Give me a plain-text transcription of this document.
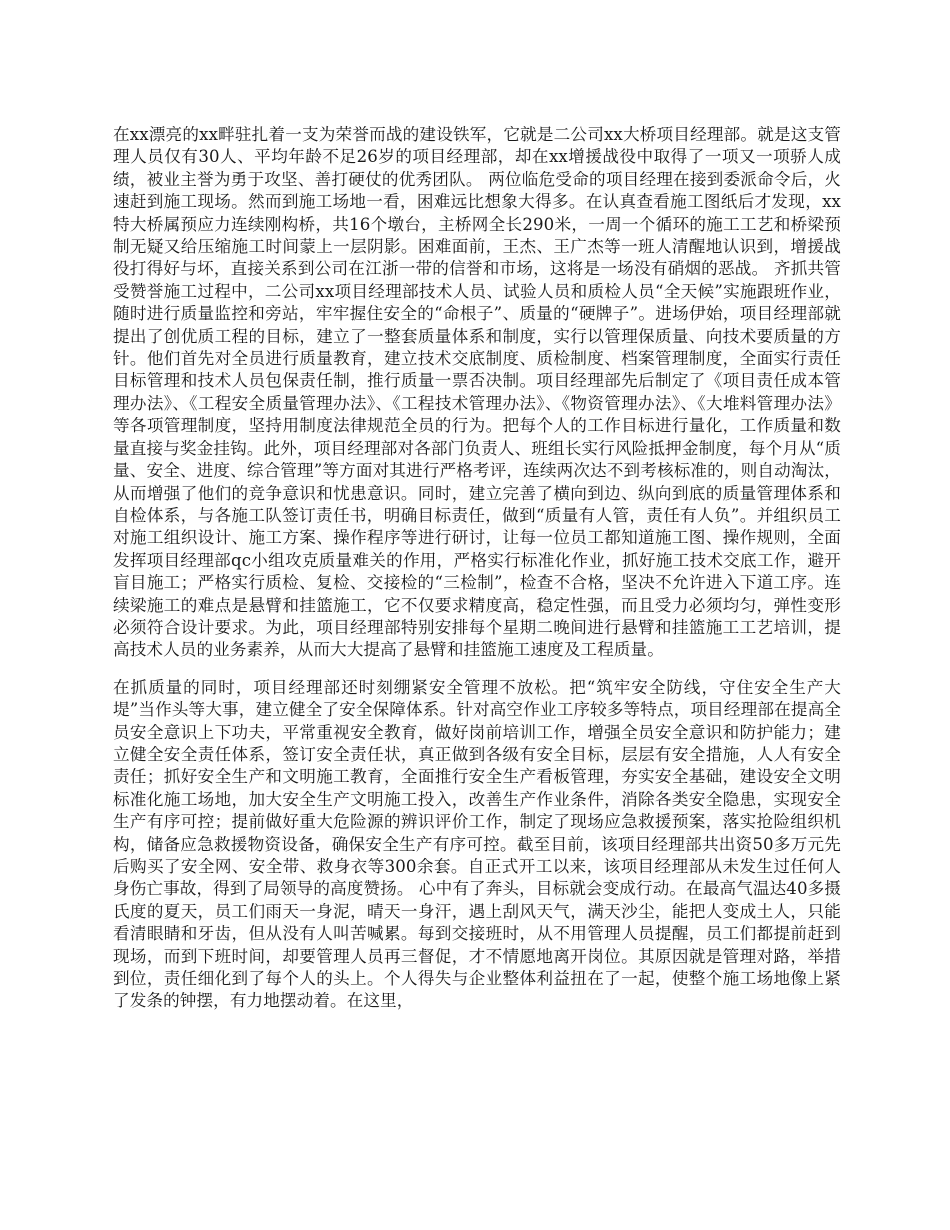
在xx漂亮的xx畔驻扎着一支为荣誉而战的建设铁军，它就是二公司xx大桥项目经理部。就是这支管理人员仅有30人、平均年龄不足26岁的项目经理部，却在xx增援战役中取得了一项又一项骄人成绩，被业主誉为勇于攻坚、善打硬仗的优秀团队。 两位临危受命的项目经理在接到委派命令后，火速赶到施工现场。然而到施工场地一看，困难远比想象大得多。在认真查看施工图纸后才发现，xx特大桥属预应力连续刚构桥，共16个墩台，主桥网全长290米，一周一个循环的施工工艺和桥梁预制无疑又给压缩施工时间蒙上一层阴影。困难面前，王杰、王广杰等一班人清醒地认识到，增援战役打得好与坏，直接关系到公司在江浙一带的信誉和市场，这将是一场没有硝烟的恶战。 齐抓共管受赞誉施工过程中，二公司xx项目经理部技术人员、试验人员和质检人员“全天候”实施跟班作业，随时进行质量监控和旁站，牢牢握住安全的“命根子”、质量的“硬牌子”。进场伊始，项目经理部就提出了创优质工程的目标，建立了一整套质量体系和制度，实行以管理保质量、向技术要质量的方针。他们首先对全员进行质量教育，建立技术交底制度、质检制度、档案管理制度，全面实行责任目标管理和技术人员包保责任制，推行质量一票否决制。项目经理部先后制定了《项目责任成本管理办法》、《工程安全质量管理办法》、《工程技术管理办法》、《物资管理办法》、《大堆料管理办法》等各项管理制度，坚持用制度法律规范全员的行为。把每个人的工作目标进行量化，工作质量和数量直接与奖金挂钩。此外，项目经理部对各部门负责人、班组长实行风险抵押金制度，每个月从“质量、安全、进度、综合管理”等方面对其进行严格考评，连续两次达不到考核标准的，则自动淘汰，从而增强了他们的竞争意识和忧患意识。同时，建立完善了横向到边、纵向到底的质量管理体系和自检体系，与各施工队签订责任书，明确目标责任，做到“质量有人管，责任有人负”。并组织员工对施工组织设计、施工方案、操作程序等进行研讨，让每一位员工都知道施工图、操作规则，全面发挥项目经理部qc小组攻克质量难关的作用，严格实行标准化作业，抓好施工技术交底工作，避开盲目施工；严格实行质检、复检、交接检的“三检制”，检查不合格，坚决不允许进入下道工序。连续梁施工的难点是悬臂和挂篮施工，它不仅要求精度高，稳定性强，而且受力必须均匀，弹性变形必须符合设计要求。为此，项目经理部特别安排每个星期二晚间进行悬臂和挂篮施工工艺培训，提高技术人员的业务素养，从而大大提高了悬臂和挂篮施工速度及工程质量。

在抓质量的同时，项目经理部还时刻绷紧安全管理不放松。把“筑牢安全防线，守住安全生产大堤”当作头等大事，建立健全了安全保障体系。针对高空作业工序较多等特点，项目经理部在提高全员安全意识上下功夫，平常重视安全教育，做好岗前培训工作，增强全员安全意识和防护能力；建立健全安全责任体系，签订安全责任状，真正做到各级有安全目标，层层有安全措施，人人有安全责任；抓好安全生产和文明施工教育，全面推行安全生产看板管理，夯实安全基础，建设安全文明标准化施工场地，加大安全生产文明施工投入，改善生产作业条件，消除各类安全隐患，实现安全生产有序可控；提前做好重大危险源的辨识评价工作，制定了现场应急救援预案，落实抢险组织机构，储备应急救援物资设备，确保安全生产有序可控。截至目前，该项目经理部共出资50多万元先后购买了安全网、安全带、救身衣等300余套。自正式开工以来，该项目经理部从未发生过任何人身伤亡事故，得到了局领导的高度赞扬。 心中有了奔头，目标就会变成行动。在最高气温达40多摄氏度的夏天，员工们雨天一身泥，晴天一身汗，遇上刮风天气，满天沙尘，能把人变成土人，只能看清眼睛和牙齿，但从没有人叫苦喊累。每到交接班时，从不用管理人员提醒，员工们都提前赶到现场，而到下班时间，却要管理人员再三督促，才不情愿地离开岗位。其原因就是管理对路，举措到位，责任细化到了每个人的头上。个人得失与企业整体利益扭在了一起，使整个施工场地像上紧了发条的钟摆，有力地摆动着。在这里，
